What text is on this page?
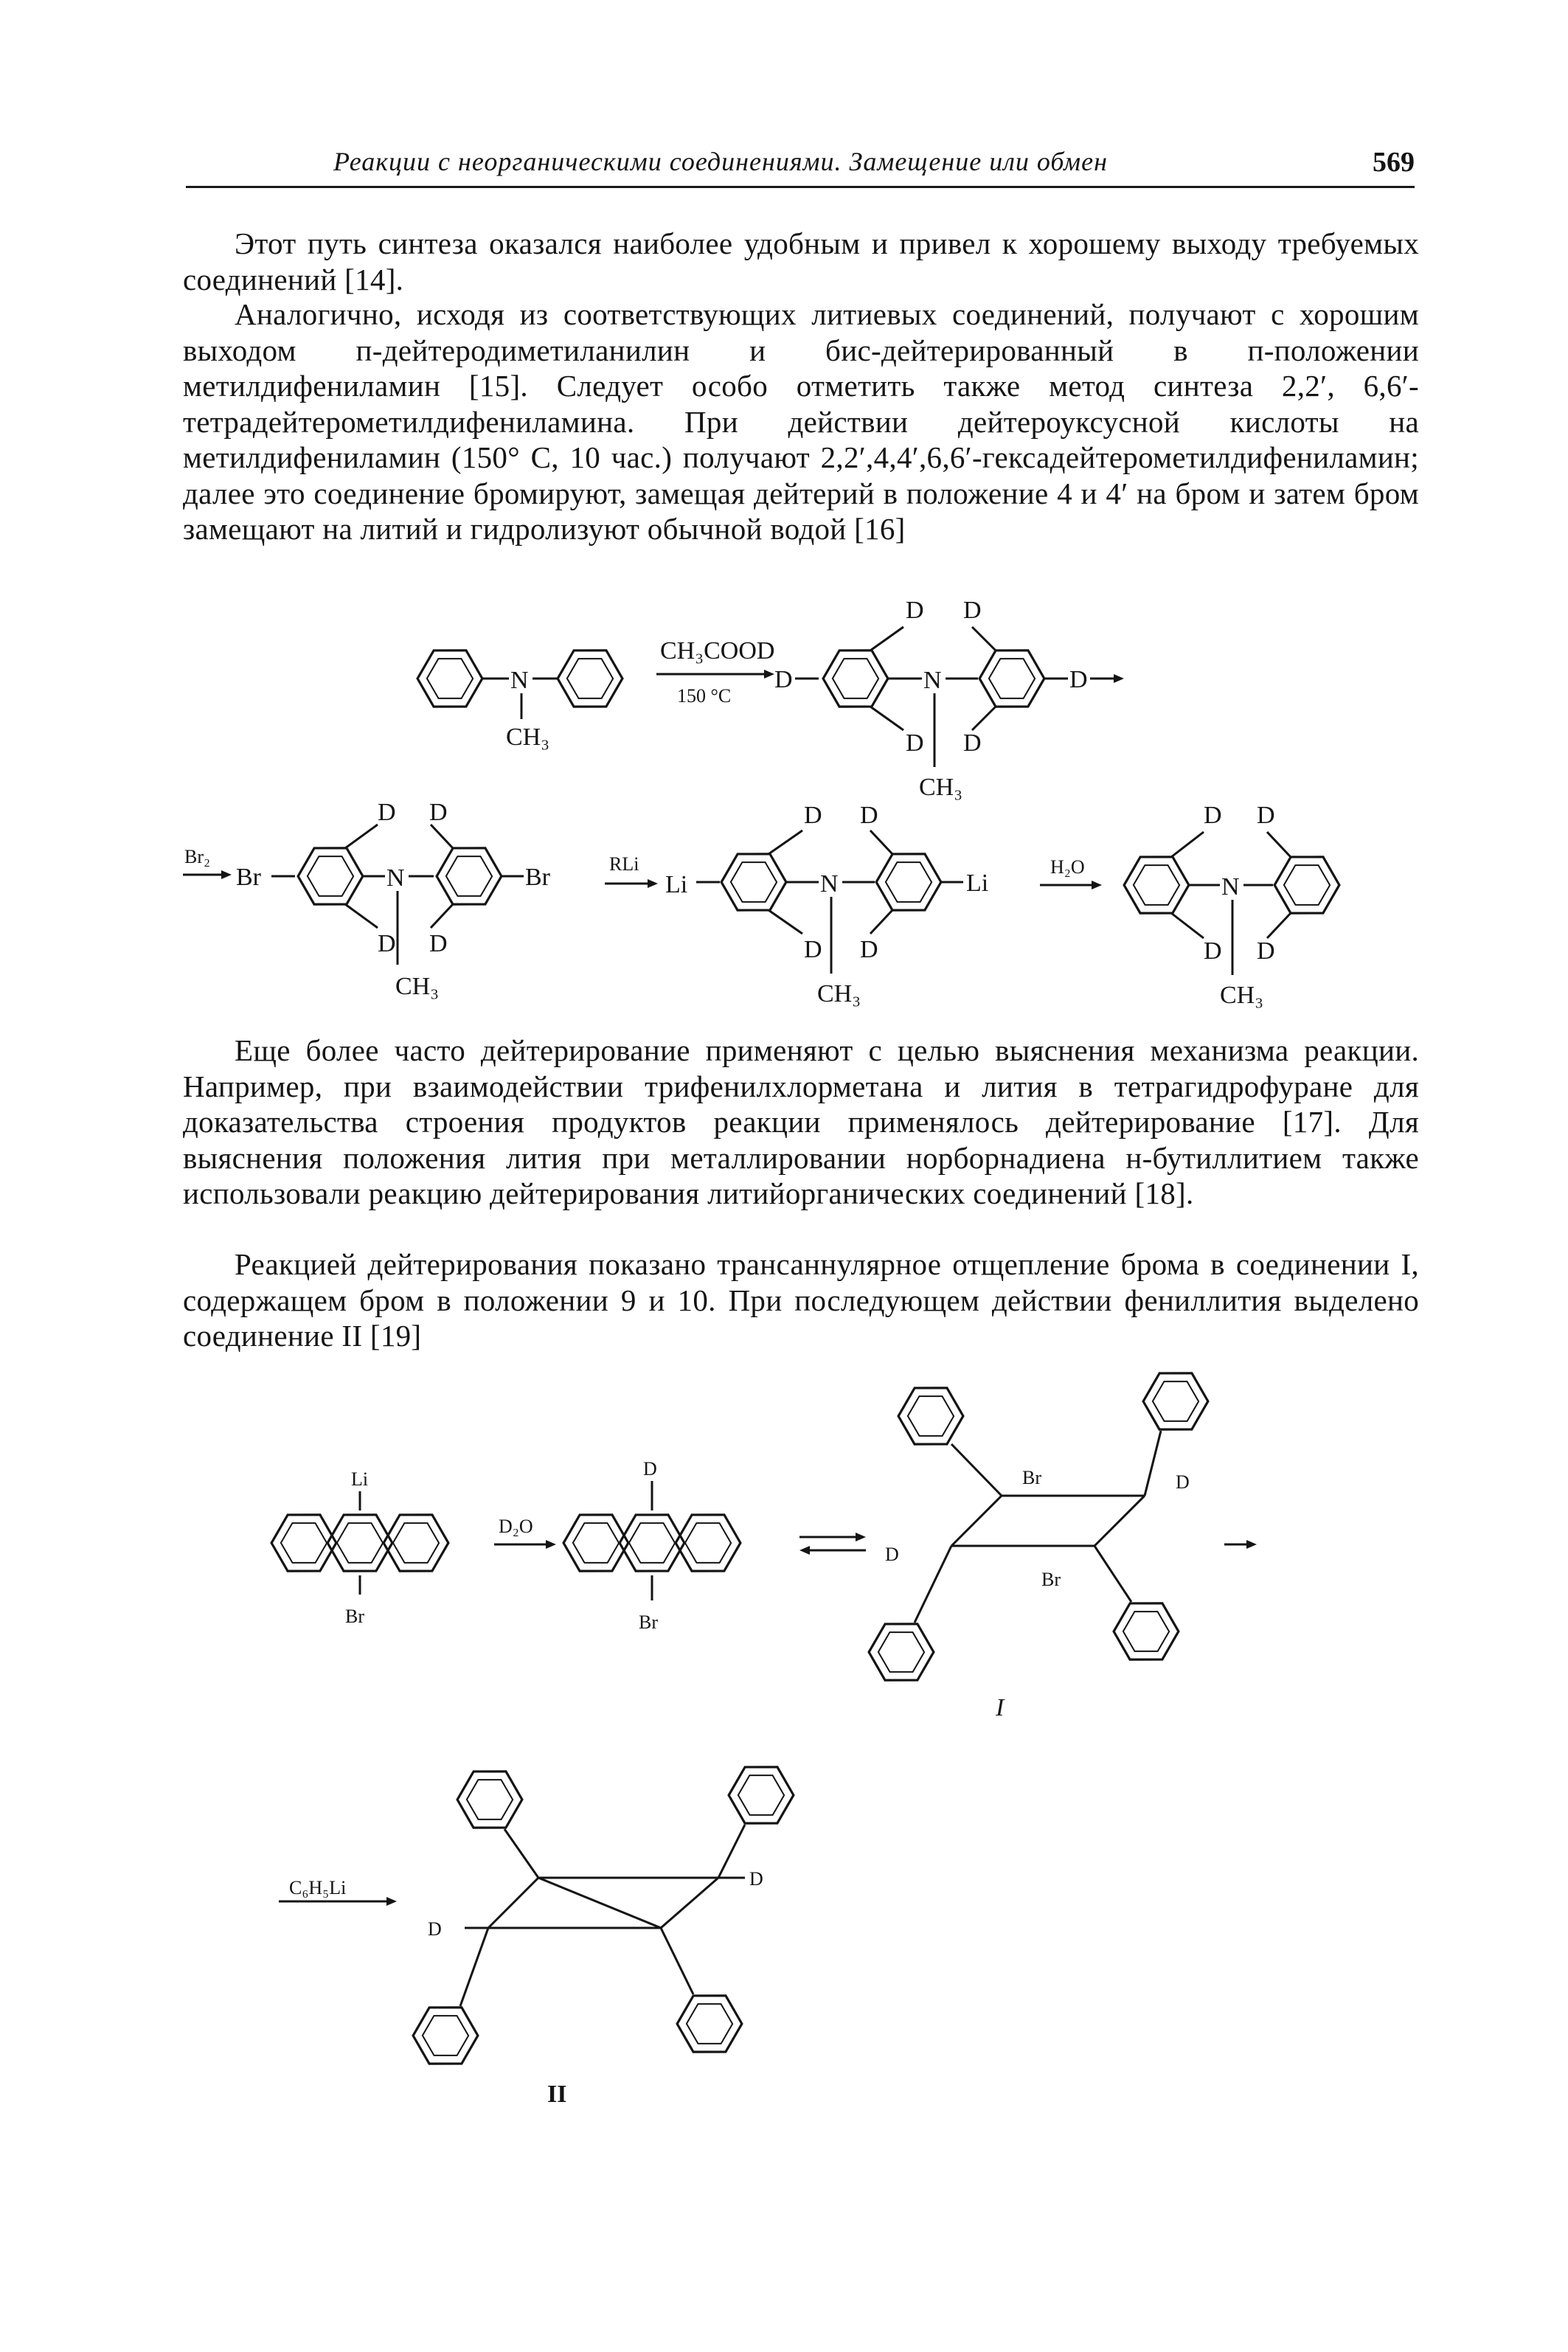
Реакции с неорганическими соединениями. Замещение или обмен	569
Этот путь синтеза оказался наиболее удобным и привел к хорошему выходу требуемых соединений [14].
Аналогично, исходя из соответствующих литиевых соединений, получают с хорошим выходом п-дейтеродиметиланилин и бис-дейтерированный в п-положении метилдифениламин [15]. Следует особо отметить также метод синтеза 2,2′, 6,6′-тетрадейтерометилдифениламина. При действии дейтероуксусной кислоты на метилдифениламин (150° С, 10 час.) получают 2,2′,4,4′,6,6′-гексадейтерометилдифениламин; далее это соединение бромируют, замещая дейтерий в положение 4 и 4′ на бром и затем бром замещают на литий и гидролизуют обычной водой [16]
Еще более часто дейтерирование применяют с целью выяснения механизма реакции. Например, при взаимодействии трифенилхлорметана и лития в тетрагидрофуране для доказательства строения продуктов реакции применялось дейтерирование [17]. Для выяснения положения лития при металлировании норборнадиена н-бутиллитием также использовали реакцию дейтерирования литийорганических соединений [18].
Реакцией дейтерирования показано трансаннулярное отщепление брома в соединении I, содержащем бром в положении 9 и 10. При последующем действии фениллития выделено соединение II [19]
N
CH₃
CH₃COOD
150 °C
D	N	D
D D
D D
CH₃
Br₂
Br	N	Br
D D
D D
CH₃
RLi
Li	N	Li
D D
D D
CH₃
H₂O
N
D D
D D
CH₃
Li
Br
D₂O
D
Br
Br	D
D
Br
I
C₆H₅Li	D
D
II
